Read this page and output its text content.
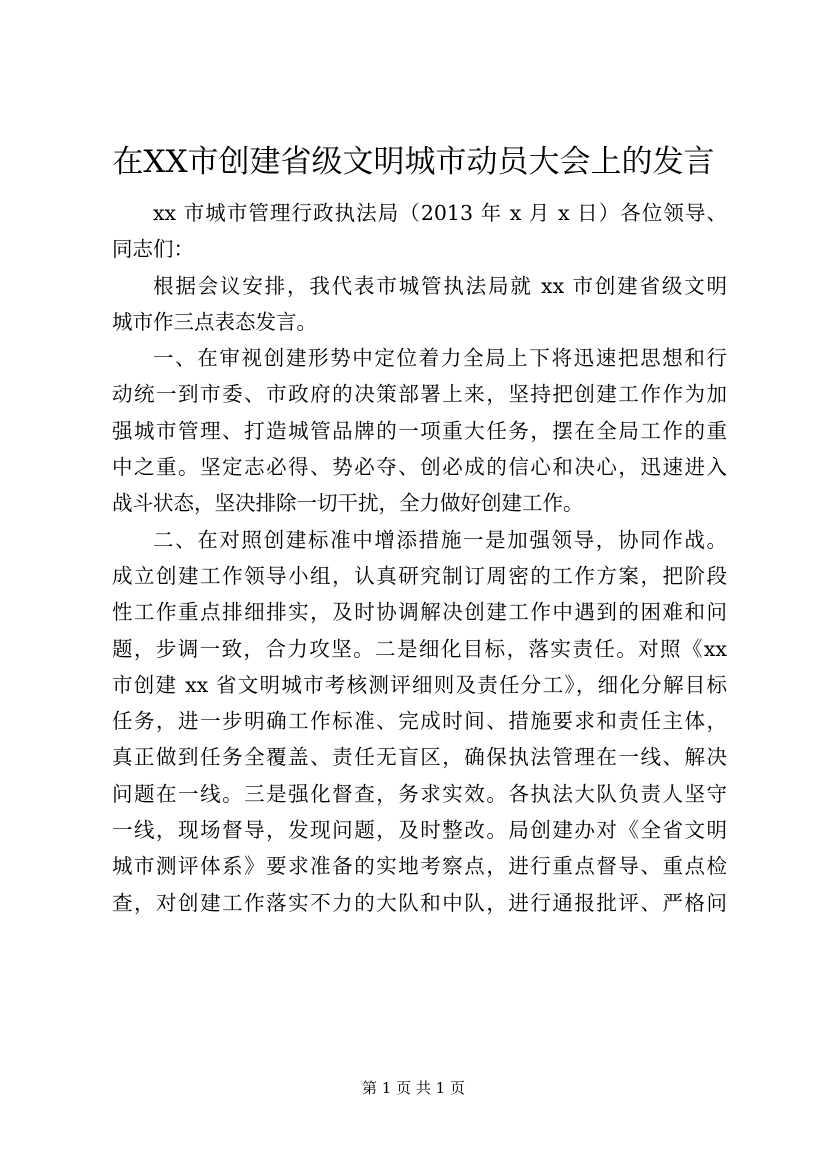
在XX市创建省级文明城市动员大会上的发言
xx 市城市管理行政执法局（2013 年 x 月 x 日）各位领导、
同志们：
根据会议安排，我代表市城管执法局就 xx 市创建省级文明
城市作三点表态发言。
一、在审视创建形势中定位着力全局上下将迅速把思想和行
动统一到市委、市政府的决策部署上来，坚持把创建工作作为加
强城市管理、打造城管品牌的一项重大任务，摆在全局工作的重
中之重。坚定志必得、势必夺、创必成的信心和决心，迅速进入
战斗状态，坚决排除一切干扰，全力做好创建工作。
二、在对照创建标准中增添措施一是加强领导，协同作战。
成立创建工作领导小组，认真研究制订周密的工作方案，把阶段
性工作重点排细排实，及时协调解决创建工作中遇到的困难和问
题，步调一致，合力攻坚。二是细化目标，落实责任。对照《xx
市创建 xx 省文明城市考核测评细则及责任分工》，细化分解目标
任务，进一步明确工作标准、完成时间、措施要求和责任主体，
真正做到任务全覆盖、责任无盲区，确保执法管理在一线、解决
问题在一线。三是强化督查，务求实效。各执法大队负责人坚守
一线，现场督导，发现问题，及时整改。局创建办对《全省文明
城市测评体系》要求准备的实地考察点，进行重点督导、重点检
查，对创建工作落实不力的大队和中队，进行通报批评、严格问
第 1 页 共 1 页
